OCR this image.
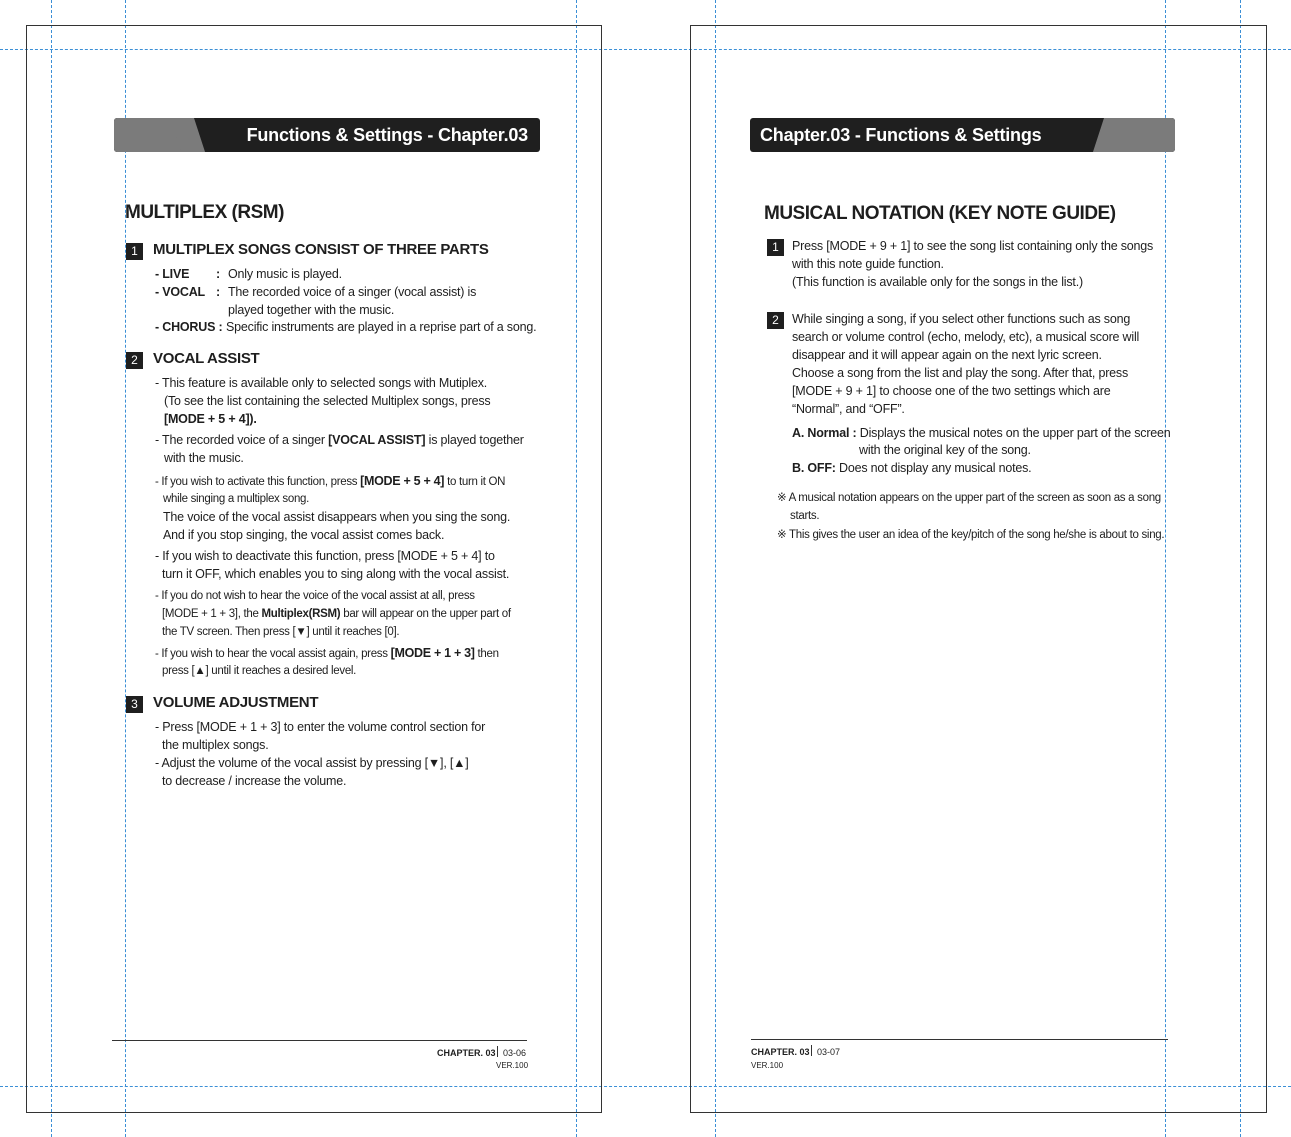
Functions & Settings - Chapter.03
MULTIPLEX (RSM)
1	MULTIPLEX SONGS CONSIST OF THREE PARTS
- LIVE : Only music is played.
- VOCAL : The recorded voice of a singer (vocal assist) is
played together with the music.
- CHORUS : Specific instruments are played in a reprise part of a song.
2	VOCAL ASSIST
- This feature is available only to selected songs with Mutiplex.
(To see the list containing the selected Multiplex songs, press
[MODE + 5 + 4]).
- The recorded voice of a singer [VOCAL ASSIST] is played together
with the music.
- If you wish to activate this function, press [MODE + 5 + 4] to turn it ON
while singing a multiplex song.
The voice of the vocal assist disappears when you sing the song.
And if you stop singing, the vocal assist comes back.
- If you wish to deactivate this function, press [MODE + 5 + 4] to
turn it OFF, which enables you to sing along with the vocal assist.
- If you do not wish to hear the voice of the vocal assist at all, press
[MODE + 1 + 3], the Multiplex(RSM) bar will appear on the upper part of
the TV screen. Then press [▼] until it reaches [0].
- If you wish to hear the vocal assist again, press [MODE + 1 + 3] then
press [▲] until it reaches a desired level.
3	VOLUME ADJUSTMENT
- Press [MODE + 1 + 3] to enter the volume control section for
the multiplex songs.
- Adjust the volume of the vocal assist by pressing [▼], [▲]
to decrease / increase the volume.
CHAPTER. 03 03-06
VER.100
Chapter.03 - Functions & Settings
MUSICAL NOTATION (KEY NOTE GUIDE)
1	Press [MODE + 9 + 1] to see the song list containing only the songs
with this note guide function.
(This function is available only for the songs in the list.)
2	While singing a song, if you select other functions such as song
search or volume control (echo, melody, etc), a musical score will
disappear and it will appear again on the next lyric screen.
Choose a song from the list and play the song. After that, press
[MODE + 9 + 1] to choose one of the two settings which are
“Normal”, and “OFF”.
A. Normal : Displays the musical notes on the upper part of the screen
with the original key of the song.
B. OFF: Does not display any musical notes.
※ A musical notation appears on the upper part of the screen as soon as a song
starts.
※ This gives the user an idea of the key/pitch of the song he/she is about to sing.
CHAPTER. 03 03-07
VER.100
